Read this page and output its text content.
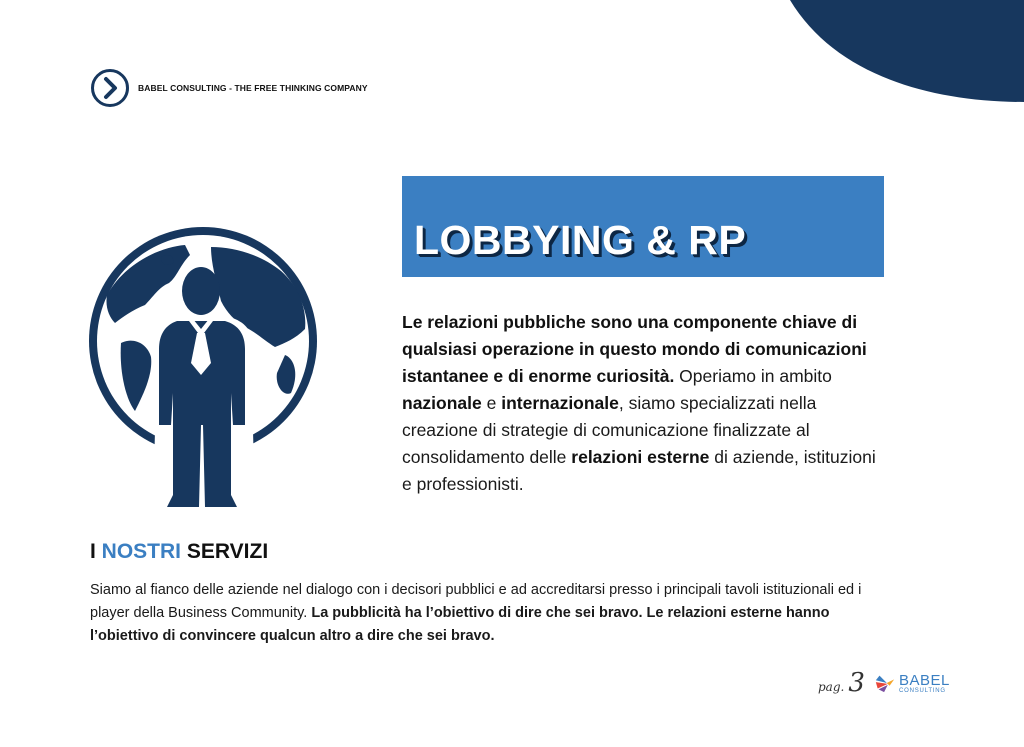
BABEL CONSULTING - THE FREE THINKING COMPANY
LOBBYING & RP

Le relazioni pubbliche sono una componente chiave di qualsiasi operazione in questo mondo di comunicazioni istantanee e di enorme curiosità. Operiamo in ambito nazionale e internazionale, siamo specializzati nella creazione di strategie di comunicazione finalizzate al consolidamento delle relazioni esterne di aziende, istituzioni e professionisti.

I NOSTRI SERVIZI

Siamo al fianco delle aziende nel dialogo con i decisori pubblici e ad accreditarsi presso i principali tavoli istituzionali ed i player della Business Community. La pubblicità ha l’obiettivo di dire che sei bravo. Le relazioni esterne hanno l’obiettivo di convincere qualcun altro a dire che sei bravo.

pag. 3 BABEL
CONSULTING
